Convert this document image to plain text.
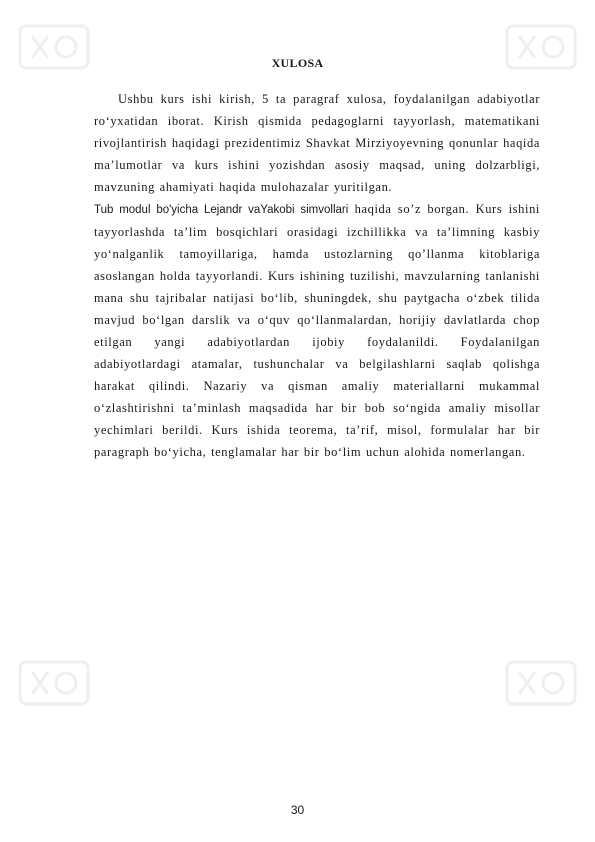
XULOSA

Ushbu kurs ishi kirish, 5 ta paragraf xulosa, foydalanilgan adabiyotlar ro‘yxatidan iborat. Kirish qismida pedagoglarni tayyorlash, matematikani rivojlantirish haqidagi prezidentimiz Shavkat Mirziyoyevning qonunlar haqida ma’lumotlar va kurs ishini yozishdan asosiy maqsad, uning dolzarbligi, mavzuning ahamiyati haqida mulohazalar yuritilgan.

Tub modul bo'yicha Lejandr vaYakobi simvollari haqida so’z borgan. Kurs ishini tayyorlashda ta’lim bosqichlari orasidagi izchillikka va ta’limning kasbiy yo‘nalganlik tamoyillariga, hamda ustozlarning qo’llanma kitoblariga asoslangan holda tayyorlandi. Kurs ishining tuzilishi, mavzularning tanlanishi mana shu tajribalar natijasi bo‘lib, shuningdek, shu paytgacha o‘zbek tilida mavjud bo‘lgan darslik va o‘quv qo‘llanmalardan, horijiy davlatlarda chop etilgan yangi adabiyotlardan ijobiy foydalanildi. Foydalanilgan adabiyotlardagi atamalar, tushunchalar va belgilashlarni saqlab qolishga harakat qilindi. Nazariy va qisman amaliy materiallarni mukammal o‘zlashtirishni ta’minlash maqsadida har bir bob so‘ngida amaliy misollar yechimlari berildi. Kurs ishida teorema, ta’rif, misol, formulalar har bir paragraph bo‘yicha, tenglamalar har bir bo‘lim uchun alohida nomerlangan.

30
